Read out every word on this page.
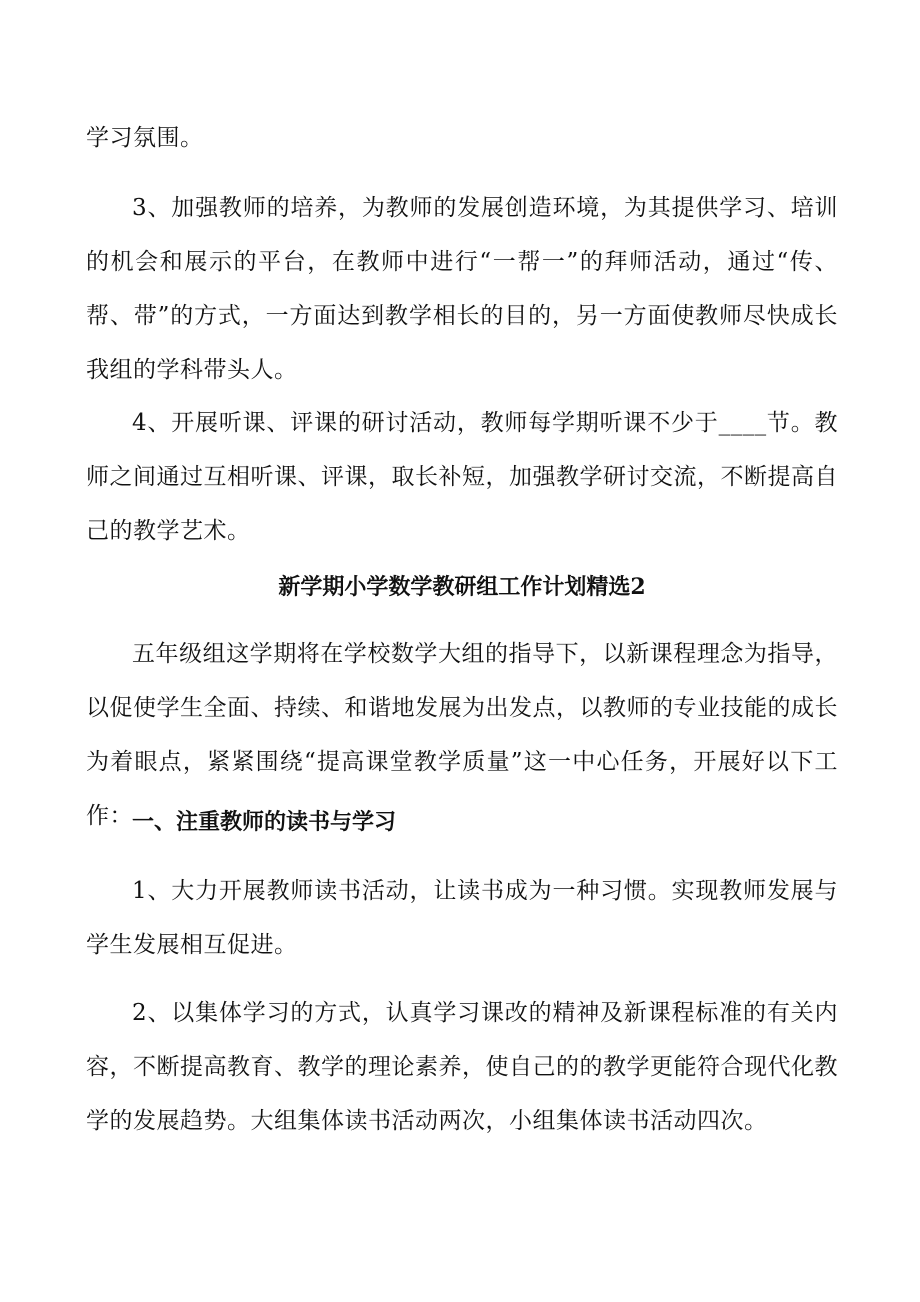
学习氛围。

3、加强教师的培养，为教师的发展创造环境，为其提供学习、培训的机会和展示的平台，在教师中进行“一帮一”的拜师活动，通过“传、帮、带”的方式，一方面达到教学相长的目的，另一方面使教师尽快成长我组的学科带头人。

4、开展听课、评课的研讨活动，教师每学期听课不少于____节。教师之间通过互相听课、评课，取长补短，加强教学研讨交流，不断提高自己的教学艺术。

新学期小学数学教研组工作计划精选2

五年级组这学期将在学校数学大组的指导下，以新课程理念为指导，以促使学生全面、持续、和谐地发展为出发点，以教师的专业技能的成长为着眼点，紧紧围绕“提高课堂教学质量”这一中心任务，开展好以下工作： 一、注重教师的读书与学习

1、大力开展教师读书活动，让读书成为一种习惯。实现教师发展与学生发展相互促进。

2、以集体学习的方式，认真学习课改的精神及新课程标准的有关内容，不断提高教育、教学的理论素养，使自己的的教学更能符合现代化教学的发展趋势。大组集体读书活动两次，小组集体读书活动四次。
